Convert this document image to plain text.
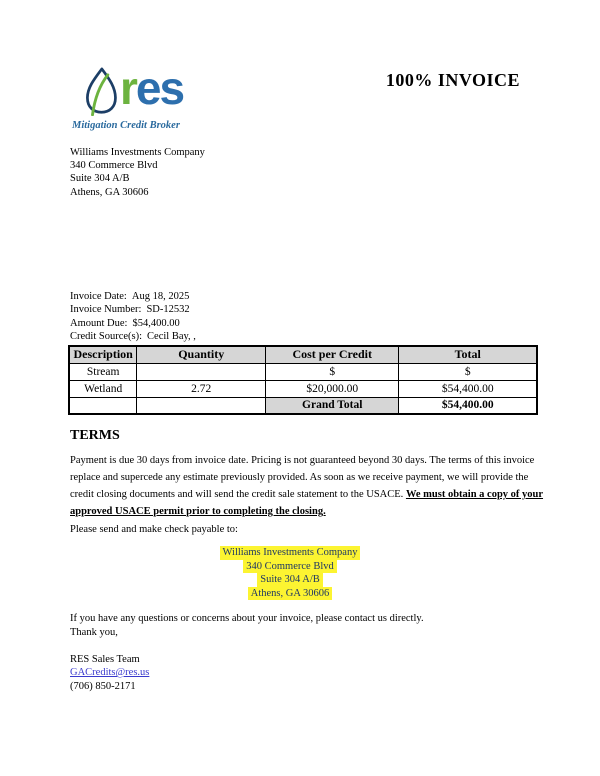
res
Mitigation Credit Broker
100% INVOICE
Williams Investments Company
340 Commerce Blvd
Suite 304 A/B
Athens, GA 30606
Invoice Date: Aug 18, 2025
Invoice Number: SD-12532
Amount Due: $54,400.00
Credit Source(s): Cecil Bay, ,
Description	Quantity	Cost per Credit	Total
Stream		$	$
Wetland	2.72	$20,000.00	$54,400.00
		Grand Total	$54,400.00
TERMS
Payment is due 30 days from invoice date. Pricing is not guaranteed beyond 30 days. The terms of this invoice replace and supercede any estimate previously provided. As soon as we receive payment, we will provide the credit closing documents and will send the credit sale statement to the USACE. We must obtain a copy of your approved USACE permit prior to completing the closing.
Please send and make check payable to:
Williams Investments Company
340 Commerce Blvd
Suite 304 A/B
Athens, GA 30606
If you have any questions or concerns about your invoice, please contact us directly.
Thank you,
RES Sales Team
GACredits@res.us
(706) 850-2171
